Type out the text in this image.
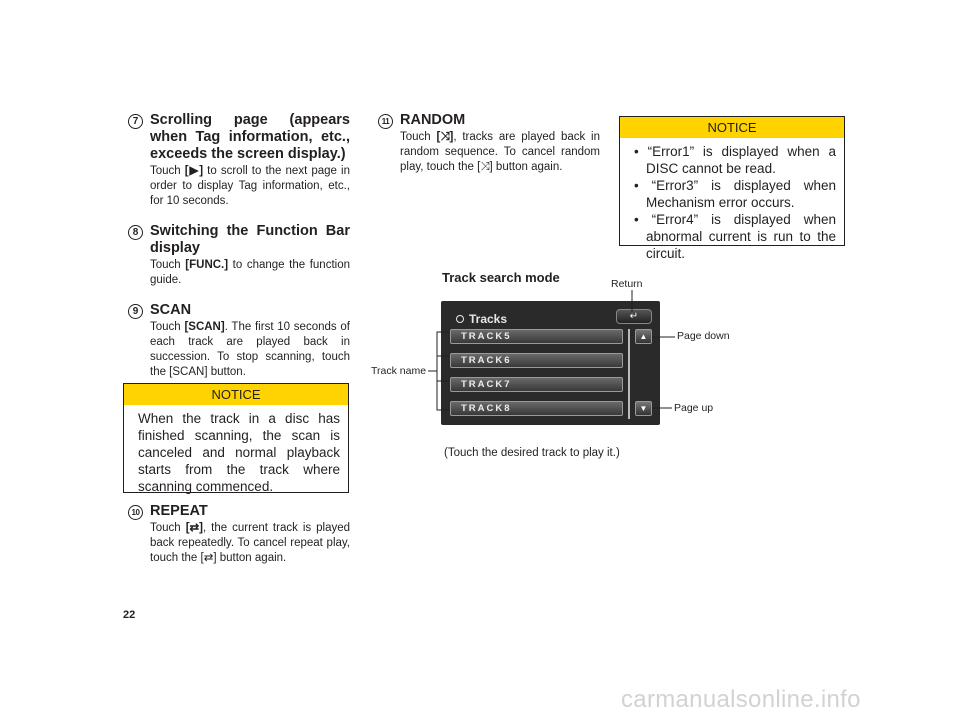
7 Scrolling page (appears when Tag information, etc., exceeds the screen display.)
Touch [▶] to scroll to the next page in order to display Tag information, etc., for 10 seconds.
8 Switching the Function Bar display
Touch [FUNC.] to change the function guide.
9 SCAN
Touch [SCAN]. The first 10 seconds of each track are played back in succession. To stop scanning, touch the [SCAN] button.
NOTICE
When the track in a disc has finished scanning, the scan is canceled and normal playback starts from the track where scanning commenced.
10 REPEAT
Touch [⇄], the current track is played back repeatedly. To cancel repeat play, touch the [⇄] button again.
11 RANDOM
Touch [⤨], tracks are played back in random sequence. To cancel random play, touch the [⤨] button again.
NOTICE
• “Error1” is displayed when a DISC cannot be read.
• “Error3” is displayed when Mechanism error occurs.
• “Error4” is displayed when abnormal current is run to the circuit.
Track search mode	Return
Page down
Page up
Track name
Tracks	↵
TRACK5
TRACK6
TRACK7
TRACK8
▲
▼
(Touch the desired track to play it.)
22
carmanualsonline.info
